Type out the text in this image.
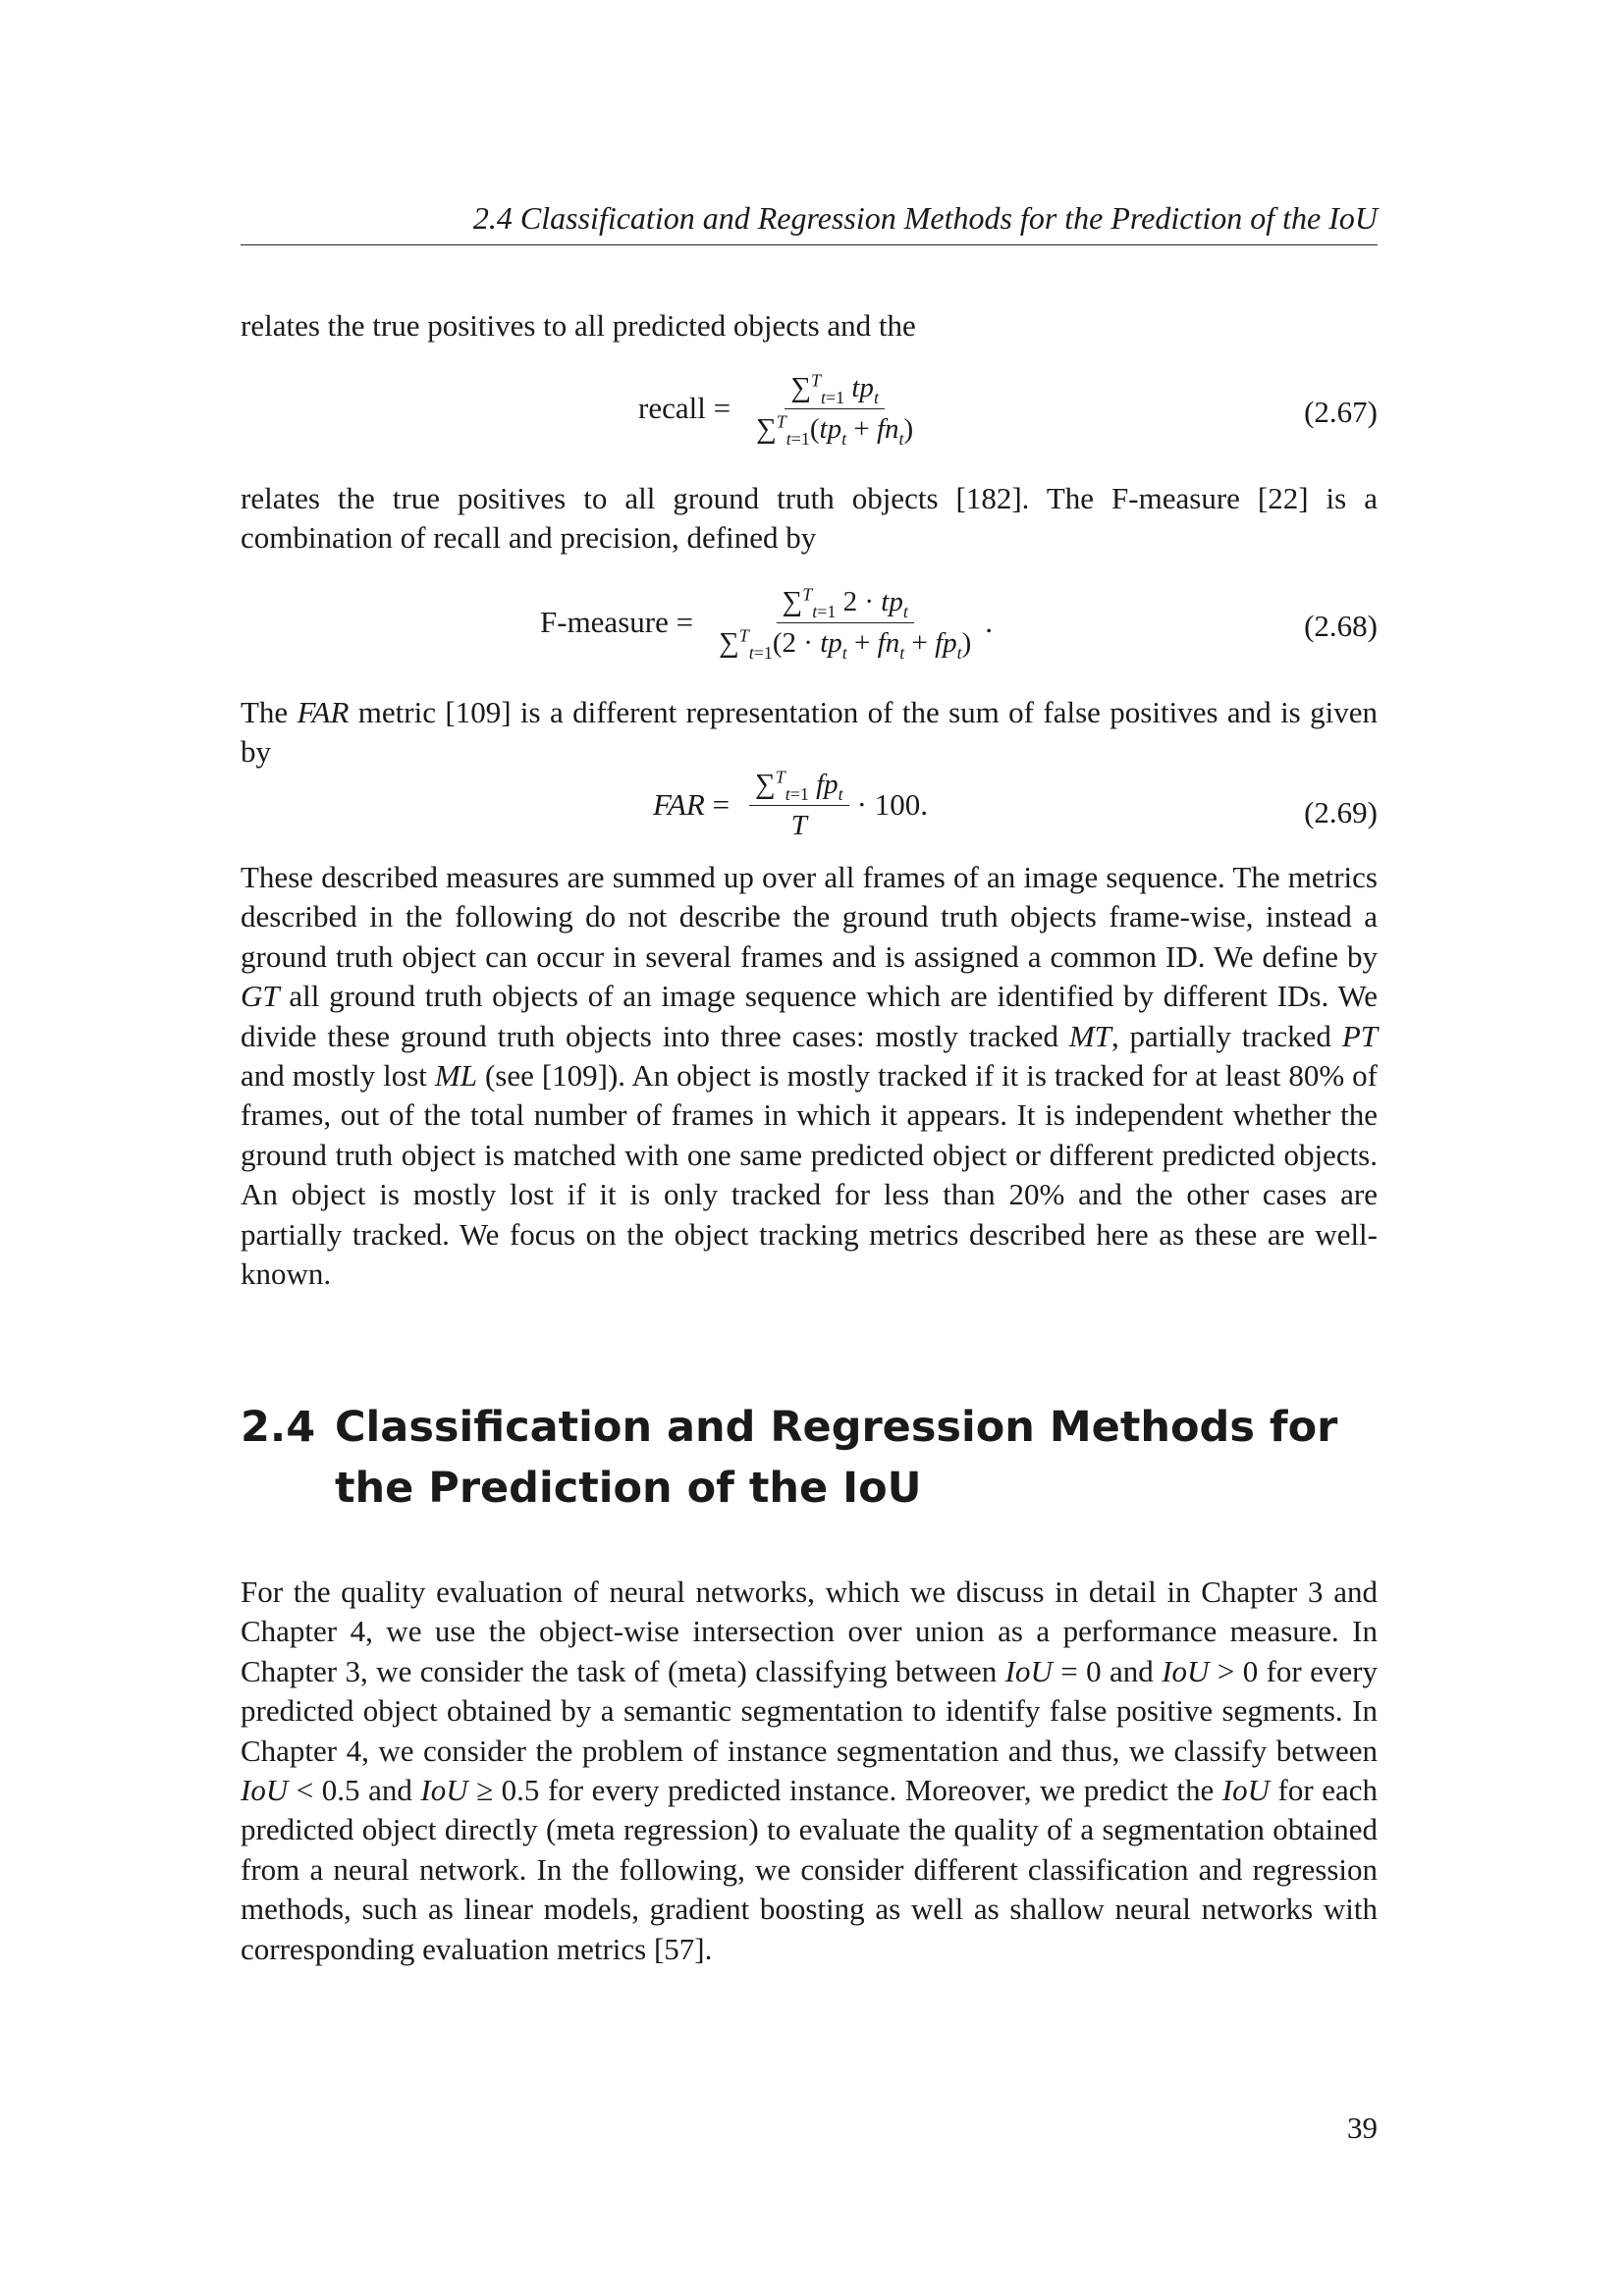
2.4 Classification and Regression Methods for the Prediction of the IoU

relates the true positives to all predicted objects and the

recall = $\frac{\sum^T_{t=1} tp_t}{\sum^T_{t=1}(tp_t + fn_t)}$	(2.67)

relates the true positives to all ground truth objects [182]. The F-measure [22] is a combination of recall and precision, defined by

F-measure = $\frac{\sum^T_{t=1} 2 \cdot tp_t}{\sum^T_{t=1}(2 \cdot tp_t + fn_t + fp_t)}$ .	(2.68)

The FAR metric [109] is a different representation of the sum of false positives and is given by

FAR = $\frac{\sum^T_{t=1} fp_t}{T} \cdot 100$ .	(2.69)

These described measures are summed up over all frames of an image sequence. The metrics described in the following do not describe the ground truth objects frame-wise, instead a ground truth object can occur in several frames and is assigned a common ID. We define by GT all ground truth objects of an image sequence which are identified by different IDs. We divide these ground truth objects into three cases: mostly tracked MT, partially tracked PT and mostly lost ML (see [109]). An object is mostly tracked if it is tracked for at least 80% of frames, out of the total number of frames in which it appears. It is independent whether the ground truth object is matched with one same predicted object or different predicted objects. An object is mostly lost if it is only tracked for less than 20% and the other cases are partially tracked. We focus on the object tracking metrics described here as these are well-known.

2.4 Classification and Regression Methods for the Prediction of the IoU

For the quality evaluation of neural networks, which we discuss in detail in Chapter 3 and Chapter 4, we use the object-wise intersection over union as a performance measure. In Chapter 3, we consider the task of (meta) classifying between IoU = 0 and IoU > 0 for every predicted object obtained by a semantic segmentation to identify false positive segments. In Chapter 4, we consider the problem of instance segmentation and thus, we classify between IoU < 0.5 and IoU ≥ 0.5 for every predicted instance. Moreover, we predict the IoU for each predicted object directly (meta regression) to evaluate the quality of a segmentation obtained from a neural network. In the following, we consider different classification and regression methods, such as linear models, gradient boosting as well as shallow neural networks with corresponding evaluation metrics [57].

39
